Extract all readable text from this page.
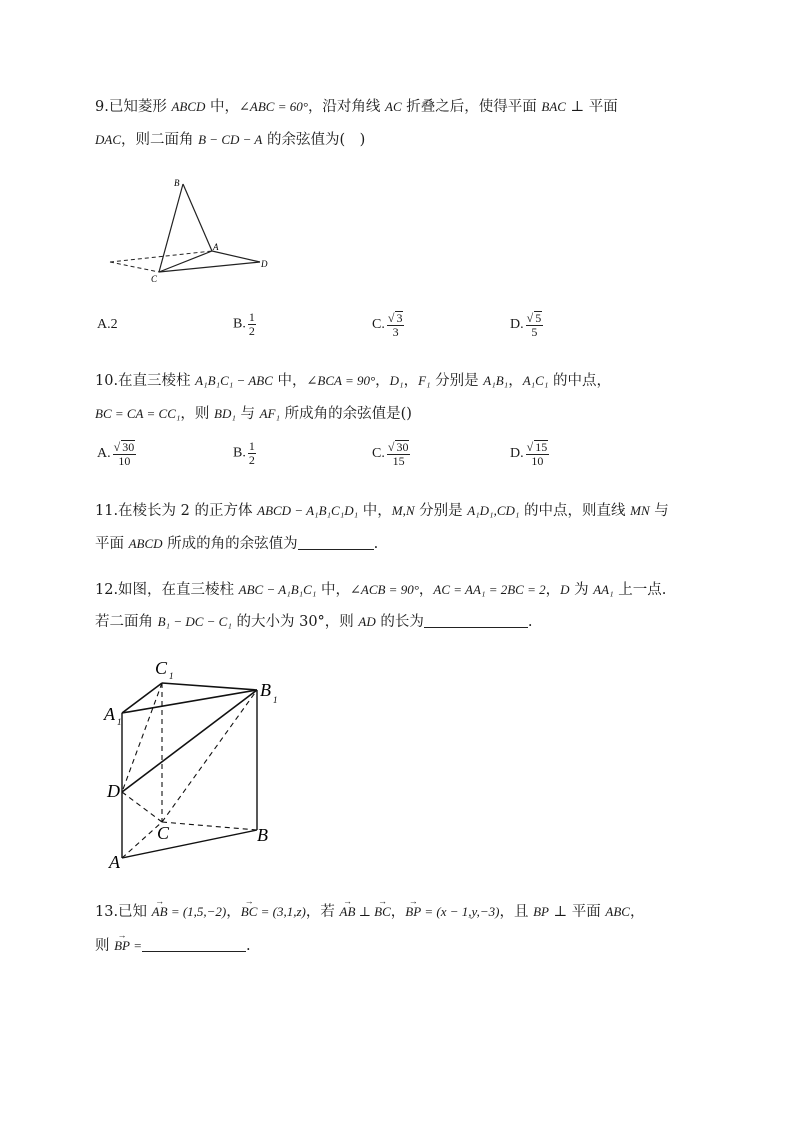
9.已知菱形 ABCD 中，∠ABC = 60°，沿对角线 AC 折叠之后，使得平面 BAC ⊥ 平面
DAC，则二面角 B − CD − A 的余弦值为(　)
B
A
C
D
A.2	B. $\frac{1}{2}$	C. $\frac{√ 3}{3}$	D. $\frac{√ 5}{5}$
10.在直三棱柱 A₁B₁C₁ − ABC 中，∠BCA = 90°，D₁，F₁ 分别是 A₁B₁，A₁C₁ 的中点，
BC = CA = CC₁，则 BD₁ 与 AF₁ 所成角的余弦值是()
A. $\frac{√ 30}{10}$	B. $\frac{1}{2}$	C. $\frac{√ 30}{15}$	D. $\frac{√ 15}{10}$
11.在棱长为 2 的正方体 ABCD − A₁B₁C₁D₁ 中，M,N 分别是 A₁D₁,CD₁ 的中点，则直线 MN 与
平面 ABCD 所成的角的余弦值为	.
12.如图，在直三棱柱 ABC − A₁B₁C₁ 中，∠ACB = 90°，AC = AA₁ = 2BC = 2，D 为 AA₁ 上一点.
若二面角 B₁ − DC − C₁ 的大小为 30°，则 AD 的长为	.
C 1
B 1
A 1
D
C	B
A
13.已知 → AB = (1,5,−2)，→ BC = (3,1,z)，若 → AB ⊥ → BC，→ BP = (x − 1,y,−3)，且 BP ⊥ 平面 ABC，
则 → BP =	.
